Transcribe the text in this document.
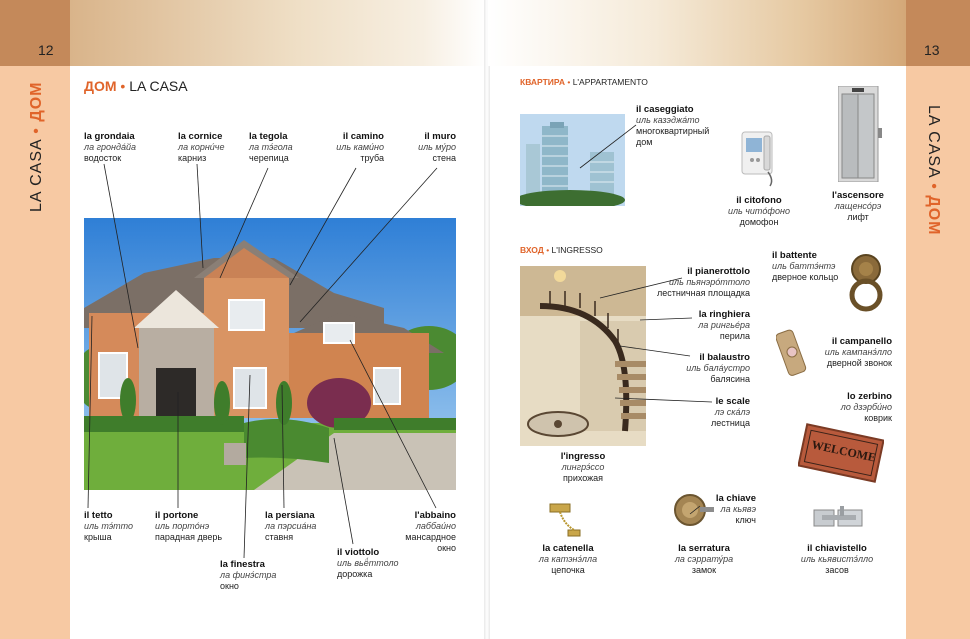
12
LA CASA • ДОМ
13
LA CASA • ДОМ
ДОМ • LA CASA	КВАРТИРА • L'APPARTAMENTO
ВХОД • L'INGRESSO
WELCOME
la grondaia
ла грондáйа
водосток
la cornice
ла корни́че
карниз
la tegola
ла тэ́гола
черепица
il camino
иль ками́но
труба
il muro
иль му́ро
стена
il tetto
иль тэ́тто
крыша
il portone
иль портóнэ
парадная дверь
la persiana
ла пэрсиáна
ставня
l'abbaino
лаббаи́но
мансардное окно
la finestra
ла финэ́стра
окно
il viottolo
иль вьё́ттоло
дорожка
il caseggiato
иль казэджáто
многоквартирный
дом
il citofono
иль читóфоно
домофон
l'ascensore
лащенсóрэ
лифт
il pianerottolo
иль пьянэрóттоло
лестничная площадка
la ringhiera
ла рингьéра
перила
il balaustro
иль балáустро
балясина
le scale
лэ скáлэ
лестница
l'ingresso
лингрэ́ссо
прихожая
il battente
иль баттэ́нтэ
дверное кольцо
il campanello
иль кампанэ́лло
дверной звонок
lo zerbino
ло дзэрби́но
коврик
la chiave
ла кьявэ
ключ
la catenella
ла катэнэ́лла
цепочка
la serratura
ла сэррату́ра
замок
il chiavistello
иль кьявистэ́лло
засов
